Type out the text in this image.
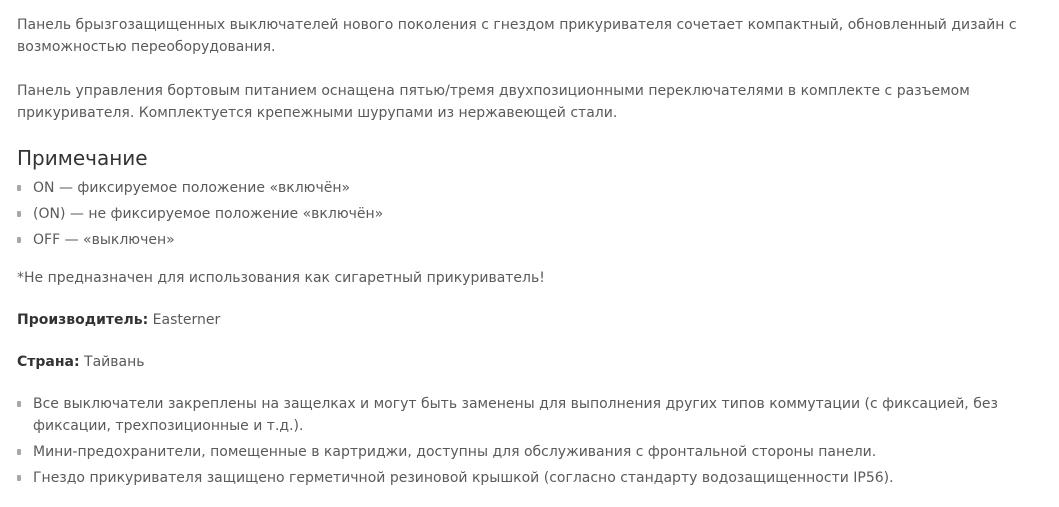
Панель брызгозащищенных выключателей нового поколения с гнездом прикуривателя сочетает компактный, обновленный дизайн с возможностью переоборудования.

Панель управления бортовым питанием оснащена пятью/тремя двухпозиционными переключателями в комплекте с разъемом прикуривателя. Комплектуется крепежными шурупами из нержавеющей стали.

Примечание
ON — фиксируемое положение «включён»
(ON) — не фиксируемое положение «включён»
OFF — «выключен»

*Не предназначен для использования как сигаретный прикуриватель!

Производитель: Easterner

Страна: Тайвань

Все выключатели закреплены на защелках и могут быть заменены для выполнения других типов коммутации (с фиксацией, без фиксации, трехпозиционные и т.д.).
Мини-предохранители, помещенные в картриджи, доступны для обслуживания с фронтальной стороны панели.
Гнездо прикуривателя защищено герметичной резиновой крышкой (согласно стандарту водозащищенности IP56).
